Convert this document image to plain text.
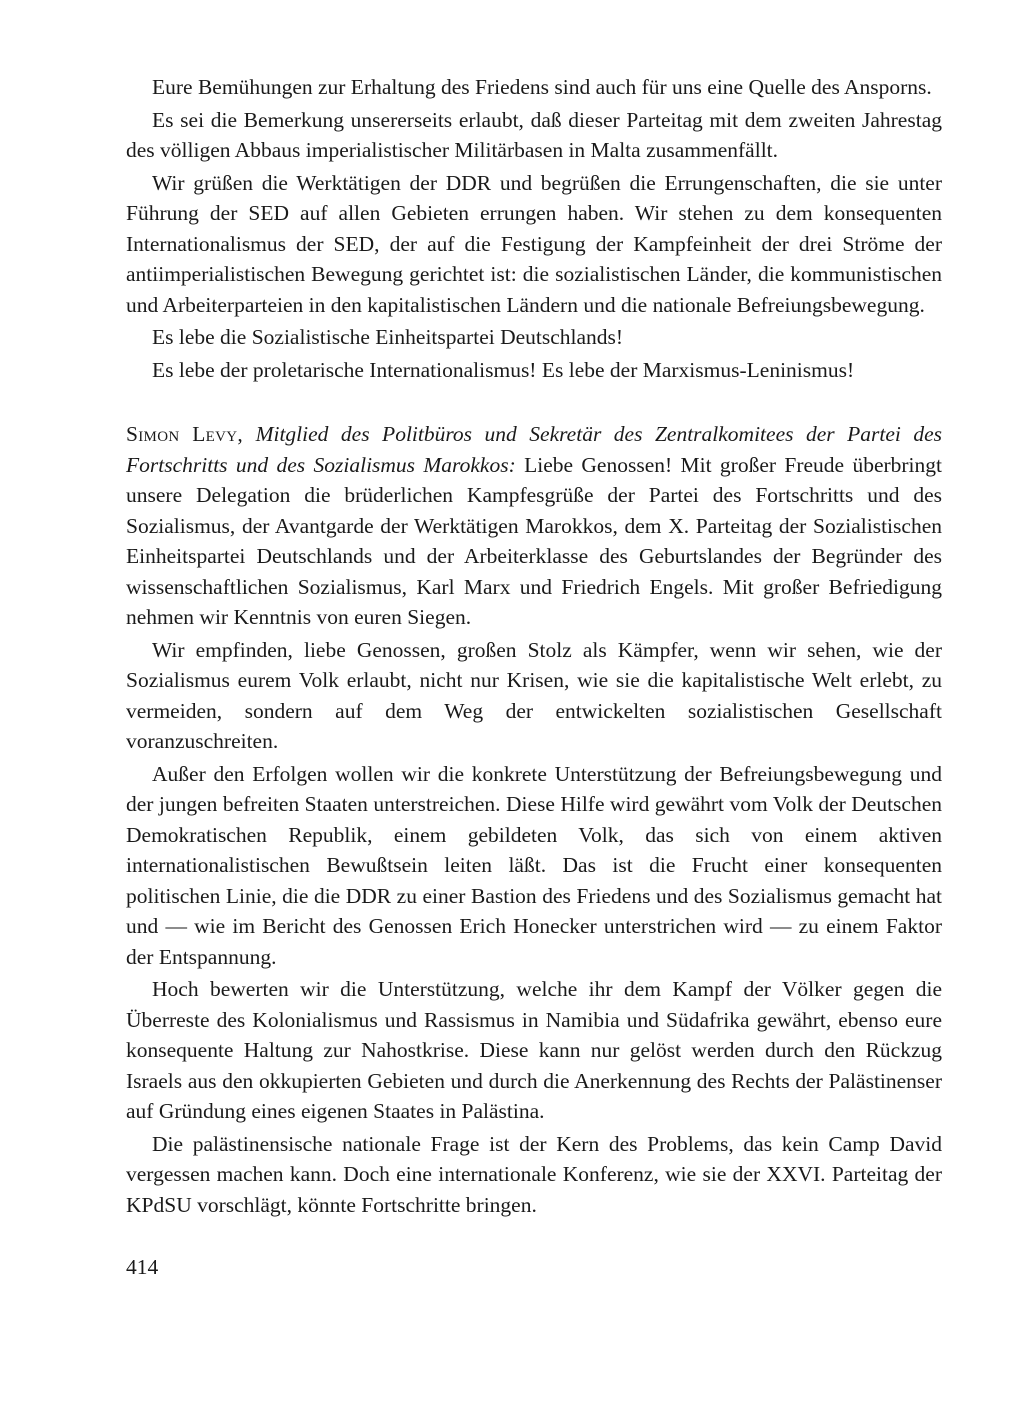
Eure Bemühungen zur Erhaltung des Friedens sind auch für uns eine Quelle des Ansporns.

Es sei die Bemerkung unsererseits erlaubt, daß dieser Parteitag mit dem zweiten Jahrestag des völligen Abbaus imperialistischer Militärbasen in Malta zusammenfällt.

Wir grüßen die Werktätigen der DDR und begrüßen die Errungenschaften, die sie unter Führung der SED auf allen Gebieten errungen haben. Wir stehen zu dem konsequenten Internationalismus der SED, der auf die Festigung der Kampfeinheit der drei Ströme der antiimperialistischen Bewegung gerichtet ist: die sozialistischen Länder, die kommunistischen und Arbeiterparteien in den kapitalistischen Ländern und die nationale Befreiungsbewegung.

Es lebe die Sozialistische Einheitspartei Deutschlands!

Es lebe der proletarische Internationalismus! Es lebe der Marxismus-Leninismus!

Simon Levy, Mitglied des Politbüros und Sekretär des Zentralkomitees der Partei des Fortschritts und des Sozialismus Marokkos: Liebe Genossen! Mit großer Freude überbringt unsere Delegation die brüderlichen Kampfesgrüße der Partei des Fortschritts und des Sozialismus, der Avantgarde der Werktätigen Marokkos, dem X. Parteitag der Sozialistischen Einheitspartei Deutschlands und der Arbeiterklasse des Geburtslandes der Begründer des wissenschaftlichen Sozialismus, Karl Marx und Friedrich Engels. Mit großer Befriedigung nehmen wir Kenntnis von euren Siegen.

Wir empfinden, liebe Genossen, großen Stolz als Kämpfer, wenn wir sehen, wie der Sozialismus eurem Volk erlaubt, nicht nur Krisen, wie sie die kapitalistische Welt erlebt, zu vermeiden, sondern auf dem Weg der entwickelten sozialistischen Gesellschaft voranzuschreiten.

Außer den Erfolgen wollen wir die konkrete Unterstützung der Befreiungsbewegung und der jungen befreiten Staaten unterstreichen. Diese Hilfe wird gewährt vom Volk der Deutschen Demokratischen Republik, einem gebildeten Volk, das sich von einem aktiven internationalistischen Bewußtsein leiten läßt. Das ist die Frucht einer konsequenten politischen Linie, die die DDR zu einer Bastion des Friedens und des Sozialismus gemacht hat und — wie im Bericht des Genossen Erich Honecker unterstrichen wird — zu einem Faktor der Entspannung.

Hoch bewerten wir die Unterstützung, welche ihr dem Kampf der Völker gegen die Überreste des Kolonialismus und Rassismus in Namibia und Südafrika gewährt, ebenso eure konsequente Haltung zur Nahostkrise. Diese kann nur gelöst werden durch den Rückzug Israels aus den okkupierten Gebieten und durch die Anerkennung des Rechts der Palästinenser auf Gründung eines eigenen Staates in Palästina.

Die palästinensische nationale Frage ist der Kern des Problems, das kein Camp David vergessen machen kann. Doch eine internationale Konferenz, wie sie der XXVI. Parteitag der KPdSU vorschlägt, könnte Fortschritte bringen.

414
